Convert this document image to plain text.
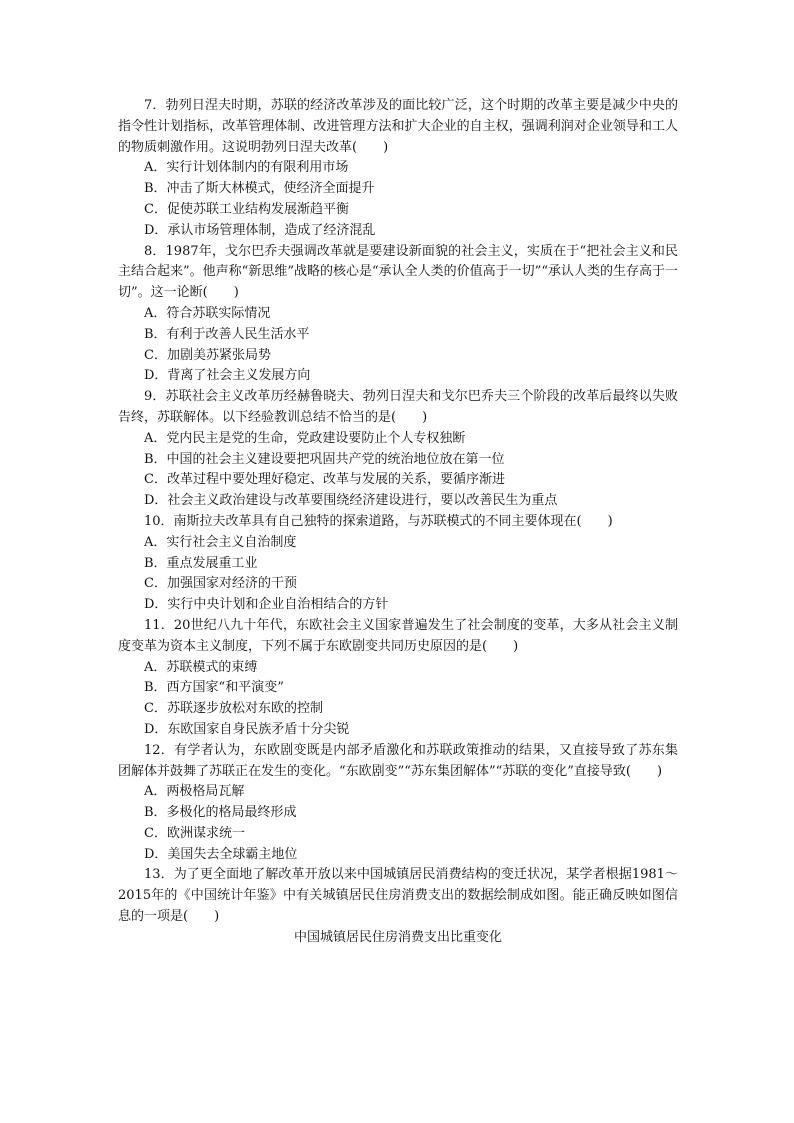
7．勃列日涅夫时期，苏联的经济改革涉及的面比较广泛，这个时期的改革主要是减少中央的指令性计划指标，改革管理体制、改进管理方法和扩大企业的自主权，强调利润对企业领导和工人的物质刺激作用。这说明勃列日涅夫改革(　　)

A．实行计划体制内的有限利用市场

B．冲击了斯大林模式，使经济全面提升

C．促使苏联工业结构发展渐趋平衡

D．承认市场管理体制，造成了经济混乱

8．1987年，戈尔巴乔夫强调改革就是要建设新面貌的社会主义，实质在于“把社会主义和民主结合起来”。他声称“新思维”战略的核心是“承认全人类的价值高于一切”“承认人类的生存高于一切”。这一论断(　　)

A．符合苏联实际情况

B．有利于改善人民生活水平

C．加剧美苏紧张局势

D．背离了社会主义发展方向

9．苏联社会主义改革历经赫鲁晓夫、勃列日涅夫和戈尔巴乔夫三个阶段的改革后最终以失败告终，苏联解体。以下经验教训总结不恰当的是(　　)

A．党内民主是党的生命，党政建设要防止个人专权独断

B．中国的社会主义建设要把巩固共产党的统治地位放在第一位

C．改革过程中要处理好稳定、改革与发展的关系，要循序渐进

D．社会主义政治建设与改革要围绕经济建设进行，要以改善民生为重点

10．南斯拉夫改革具有自己独特的探索道路，与苏联模式的不同主要体现在(　　)

A．实行社会主义自治制度

B．重点发展重工业

C．加强国家对经济的干预

D．实行中央计划和企业自治相结合的方针

11．20世纪八九十年代，东欧社会主义国家普遍发生了社会制度的变革，大多从社会主义制度变革为资本主义制度，下列不属于东欧剧变共同历史原因的是(　　)

A．苏联模式的束缚

B．西方国家“和平演变”

C．苏联逐步放松对东欧的控制

D．东欧国家自身民族矛盾十分尖锐

12．有学者认为，东欧剧变既是内部矛盾激化和苏联政策推动的结果，又直接导致了苏东集团解体并鼓舞了苏联正在发生的变化。“东欧剧变”“苏东集团解体”“苏联的变化”直接导致(　　)

A．两极格局瓦解

B．多极化的格局最终形成

C．欧洲谋求统一

D．美国失去全球霸主地位

13．为了更全面地了解改革开放以来中国城镇居民消费结构的变迁状况，某学者根据1981～2015年的《中国统计年鉴》中有关城镇居民住房消费支出的数据绘制成如图。能正确反映如图信息的一项是(　　)

中国城镇居民住房消费支出比重变化
